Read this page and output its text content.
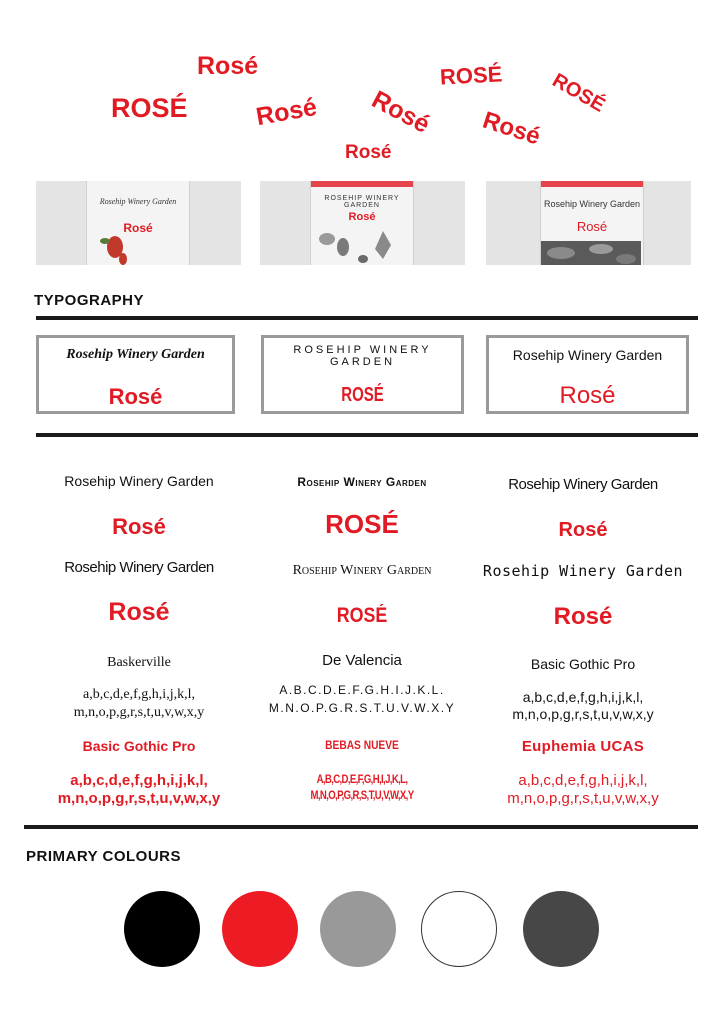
Rosé
ROSÉ	Rosé Rosé
ROSÉ
Rosé
ROSÉ
Rosé
Rosehip Winery Garden
Rosé
ROSEHIP WINERY GARDEN
Rosé
Rosehip Winery Garden
Rosé
TYPOGRAPHY
Rosehip Winery Garden
Rosé
ROSEHIP WINERY GARDEN
ROSÉ
Rosehip Winery Garden
Rosé
Rosehip Winery Garden
Rosé
Rosehip Winery Garden
Rosé
Baskerville
a,b,c,d,e,f,g,h,i,j,k,l,
m,n,o,p,g,r,s,t,u,v,w,x,y
Basic Gothic Pro
a,b,c,d,e,f,g,h,i,j,k,l,
m,n,o,p,g,r,s,t,u,v,w,x,y
Rosehip Winery Garden
ROSÉ
Rosehip Winery Garden
ROSÉ
De Valencia
A.B.C.D.E.F.G.H.I.J.K.L.
M.N.O.P.G.R.S.T.U.V.W.X.Y
BEBAS NUEVE
A,B,C,D,E,F,G,H,I,J,K,L,
M,N,O,P,G,R,S,T,U,V,W,X,Y
Rosehip Winery Garden
Rosé
Rosehip Winery Garden
Rosé
Basic Gothic Pro
a,b,c,d,e,f,g,h,i,j,k,l,
m,n,o,p,g,r,s,t,u,v,w,x,y
Euphemia UCAS
a,b,c,d,e,f,g,h,i,j,k,l,
m,n,o,p,g,r,s,t,u,v,w,x,y
PRIMARY COLOURS
